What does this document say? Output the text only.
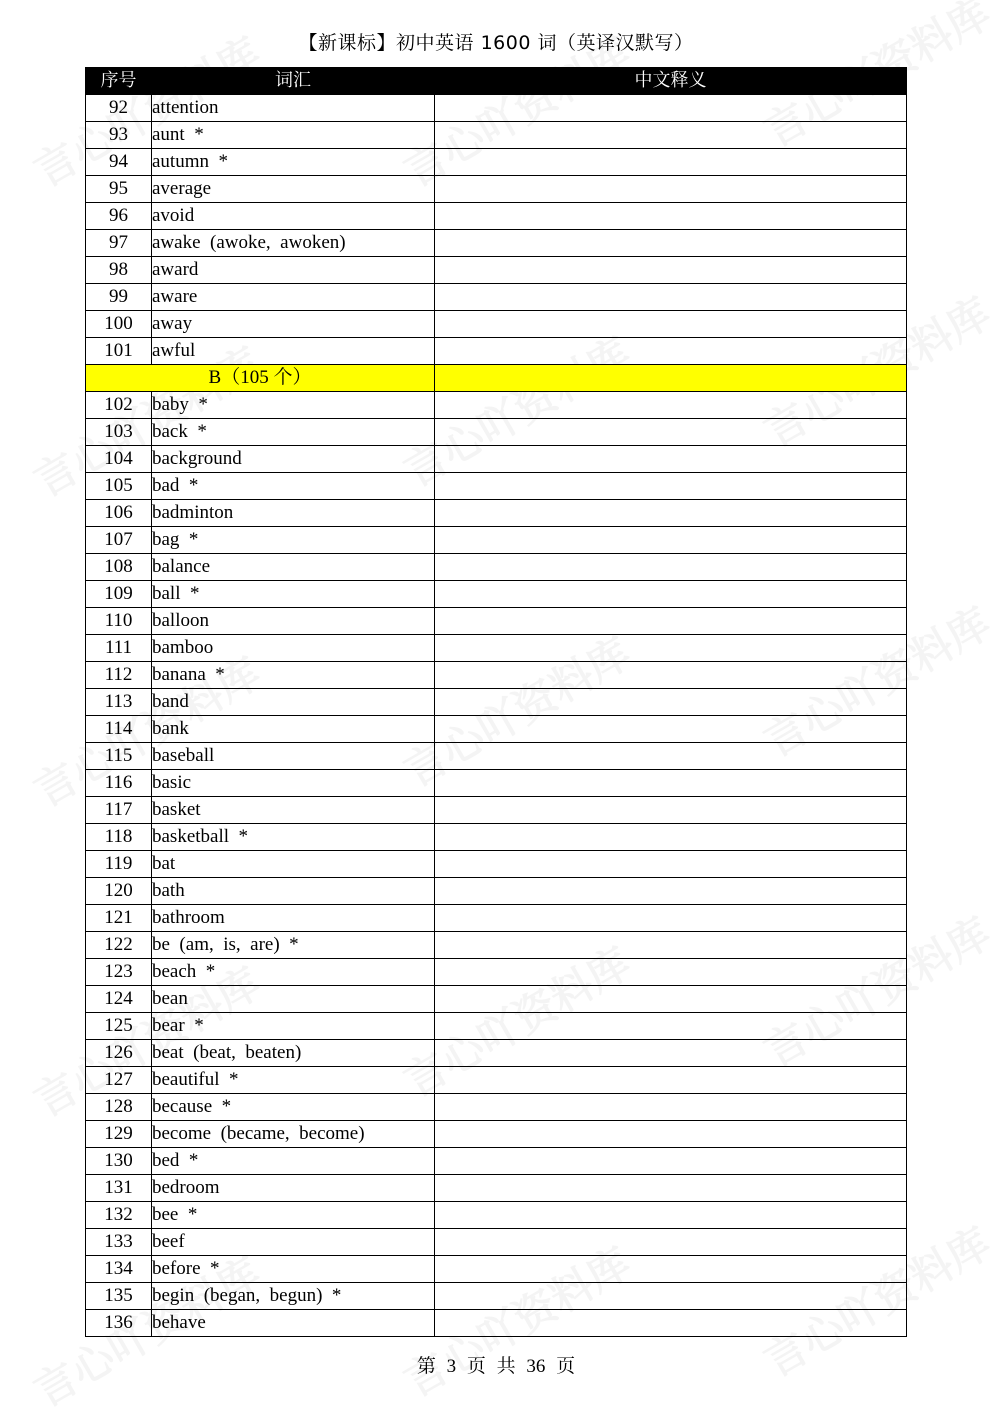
【新课标】初中英语 1600 词（英译汉默写）
序号	词汇	中文释义
92	attention	
93	aunt  *	
94	autumn  *	
95	average	
96	avoid	
97	awake  (awoke,  awoken)	
98	award	
99	aware	
100	away	
101	awful	
B（105 个）		
102	baby  *	
103	back  *	
104	background	
105	bad  *	
106	badminton	
107	bag  *	
108	balance	
109	ball  *	
110	balloon	
111	bamboo	
112	banana  *	
113	band	
114	bank	
115	baseball	
116	basic	
117	basket	
118	basketball  *	
119	bat	
120	bath	
121	bathroom	
122	be  (am,  is,  are)  *	
123	beach  *	
124	bean	
125	bear  *	
126	beat  (beat,  beaten)	
127	beautiful  *	
128	because  *	
129	become  (became,  become)	
130	bed  *	
131	bedroom	
132	bee  *	
133	beef	
134	before  *	
135	begin  (began,  begun)  *	
136	behave	
第 3 页 共 36 页
